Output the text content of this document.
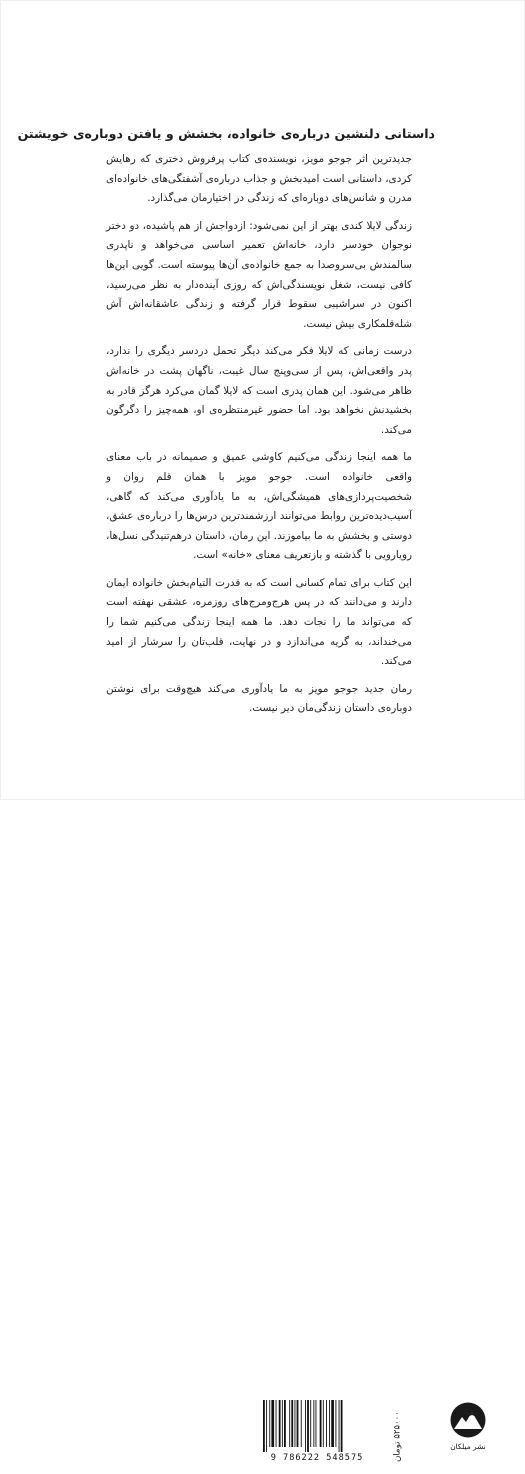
داستانی دلنشین درباره‌ی خانواده، بخشش و یافتن دوباره‌ی خویشتن

جدیدترین اثر جوجو مویز، نویسنده‌ی کتاب پرفروش دختری که رهایش کردی، داستانی است امیدبخش و جذاب درباره‌ی آشفتگی‌های خانواده‌ای مدرن و شانس‌های دوباره‌ای که زندگی در اختیارمان می‌گذارد.

زندگی لایلا کندی بهتر از این نمی‌شود: ازدواجش از هم پاشیده، دو دختر نوجوان خودسر دارد، خانه‌اش تعمیر اساسی می‌خواهد و ناپدری سالمندش بی‌سروصدا به جمع خانواده‌ی آن‌ها پیوسته است. گویی این‌ها کافی نیست، شغل نویسندگی‌اش که روزی آینده‌دار به نظر می‌رسید، اکنون در سراشیبی سقوط قرار گرفته و زندگی عاشقانه‌اش آش شله‌قلمکاری بیش نیست.

درست زمانی که لایلا فکر می‌کند دیگر تحمل دردسر دیگری را ندارد، پدر واقعی‌اش، پس از سی‌وپنج سال غیبت، ناگهان پشت در خانه‌اش ظاهر می‌شود. این همان پدری است که لایلا گمان می‌کرد هرگز قادر به بخشیدنش نخواهد بود. اما حضور غیرمنتظره‌ی او، همه‌چیز را دگرگون می‌کند.

ما همه اینجا زندگی می‌کنیم کاوشی عمیق و صمیمانه در باب معنای واقعی خانواده است. جوجو مویز با همان قلم روان و شخصیت‌پردازی‌های همیشگی‌اش، به ما یادآوری می‌کند که گاهی، آسیب‌دیده‌ترین روابط می‌توانند ارزشمندترین درس‌ها را درباره‌ی عشق، دوستی و بخشش به ما بیاموزند. این رمان، داستان درهم‌تنیدگی نسل‌ها، رویارویی با گذشته و بازتعریف معنای «خانه» است.

این کتاب برای تمام کسانی است که به قدرت التیام‌بخش خانواده ایمان دارند و می‌دانند که در پس هرج‌ومرج‌های روزمره، عشقی نهفته است که می‌تواند ما را نجات دهد. ما همه اینجا زندگی می‌کنیم شما را می‌خنداند، به گریه می‌اندازد و در نهایت، قلب‌تان را سرشار از امید می‌کند.

رمان جدید جوجو مویز به ما یادآوری می‌کند هیچ‌وقت برای نوشتن دوباره‌ی داستان زندگی‌مان دیر نیست.

9 786222 548575	۵۲۵۰۰۰ تومان
نشر میلکان
